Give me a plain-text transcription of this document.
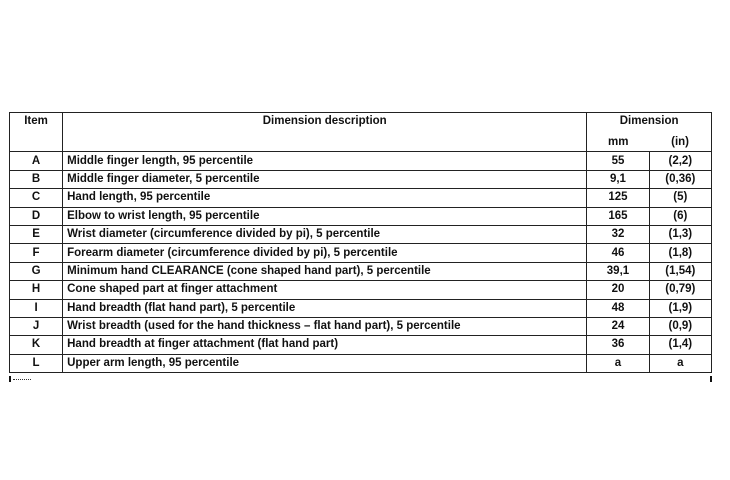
Item	Dimension description	Dimension	
		mm	(in)
A	Middle finger length, 95 percentile	55	(2,2)
B	Middle finger diameter, 5 percentile	9,1	(0,36)
C	Hand length, 95 percentile	125	(5)
D	Elbow to wrist length, 95 percentile	165	(6)
E	Wrist diameter (circumference divided by pi), 5 percentile	32	(1,3)
F	Forearm diameter (circumference divided by pi), 5 percentile	46	(1,8)
G	Minimum hand CLEARANCE (cone shaped hand part), 5 percentile	39,1	(1,54)
H	Cone shaped part at finger attachment	20	(0,79)
I	Hand breadth (flat hand part), 5 percentile	48	(1,9)
J	Wrist breadth (used for the hand thickness – flat hand part), 5 percentile	24	(0,9)
K	Hand breadth at finger attachment (flat hand part)	36	(1,4)
L	Upper arm length, 95 percentile	a	a
